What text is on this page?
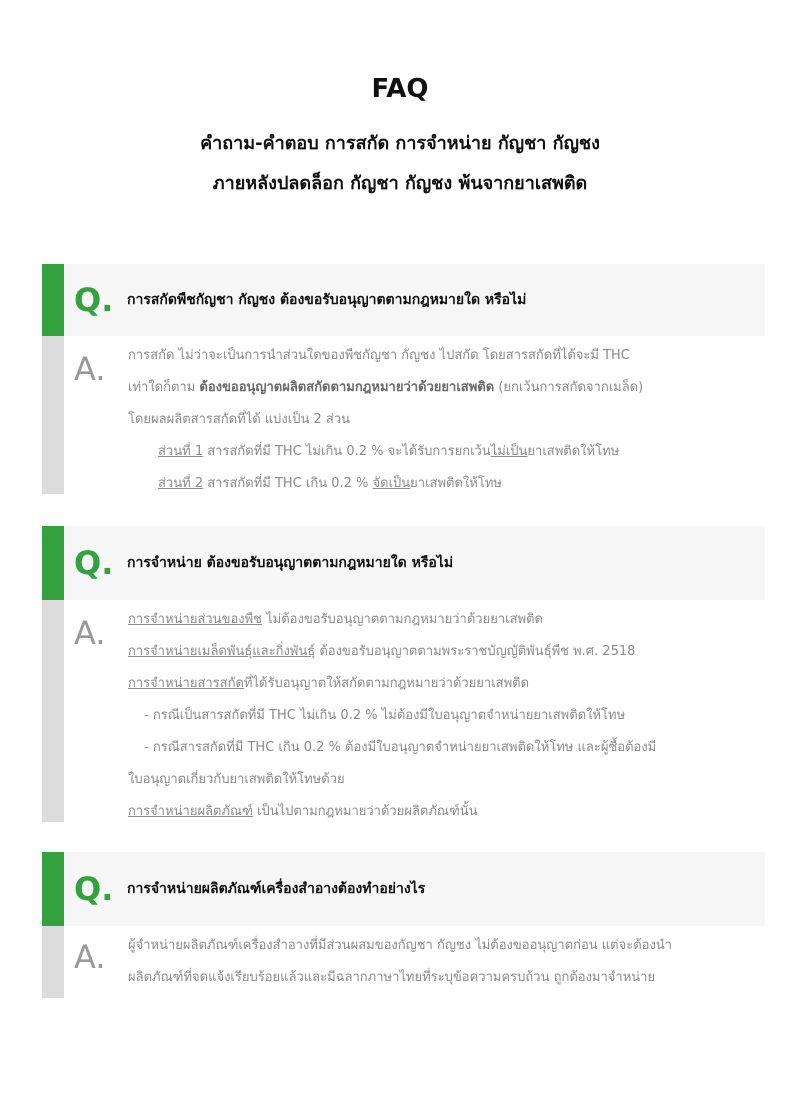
FAQ
คำถาม-คำตอบ การสกัด การจำหน่าย กัญชา กัญชง
ภายหลังปลดล็อก กัญชา กัญชง พ้นจากยาเสพติด
Q. การสกัดพืชกัญชา กัญชง ต้องขอรับอนุญาตตามกฎหมายใด หรือไม่
A. การสกัด ไม่ว่าจะเป็นการนำส่วนใดของพืชกัญชา กัญชง ไปสกัด โดยสารสกัดที่ได้จะมี THC

เท่าใดก็ตาม ต้องขออนุญาตผลิตสกัดตามกฎหมายว่าด้วยยาเสพติด (ยกเว้นการสกัดจากเมล็ด)

โดยผลผลิตสารสกัดที่ได้ แบ่งเป็น 2 ส่วน

ส่วนที่ 1 สารสกัดที่มี THC ไม่เกิน 0.2 % จะได้รับการยกเว้นไม่เป็นยาเสพติดให้โทษ

ส่วนที่ 2 สารสกัดที่มี THC เกิน 0.2 % จัดเป็นยาเสพติดให้โทษ

Q. การจำหน่าย ต้องขอรับอนุญาตตามกฎหมายใด หรือไม่
A. การจำหน่ายส่วนของพืช ไม่ต้องขอรับอนุญาตตามกฎหมายว่าด้วยยาเสพติด

การจำหน่ายเมล็ดพันธุ์และกิ่งพันธุ์ ต้องขอรับอนุญาตตามพระราชบัญญัติพันธุ์พืช พ.ศ. 2518

การจำหน่ายสารสกัดที่ได้รับอนุญาตให้สกัดตามกฎหมายว่าด้วยยาเสพติด

- กรณีเป็นสารสกัดที่มี THC ไม่เกิน 0.2 % ไม่ต้องมีใบอนุญาตจำหน่ายยาเสพติดให้โทษ

- กรณีสารสกัดที่มี THC เกิน 0.2 % ต้องมีใบอนุญาตจำหน่ายยาเสพติดให้โทษ และผู้ซื้อต้องมี

ใบอนุญาตเกี่ยวกับยาเสพติดให้โทษด้วย

การจำหน่ายผลิตภัณฑ์ เป็นไปตามกฎหมายว่าด้วยผลิตภัณฑ์นั้น

Q. การจำหน่ายผลิตภัณฑ์เครื่องสำอางต้องทำอย่างไร
A. ผู้จำหน่ายผลิตภัณฑ์เครื่องสำอางที่มีส่วนผสมของกัญชา กัญชง ไม่ต้องขออนุญาตก่อน แต่จะต้องนำ

ผลิตภัณฑ์ที่จดแจ้งเรียบร้อยแล้วและมีฉลากภาษาไทยที่ระบุข้อความครบถ้วน ถูกต้องมาจำหน่าย
